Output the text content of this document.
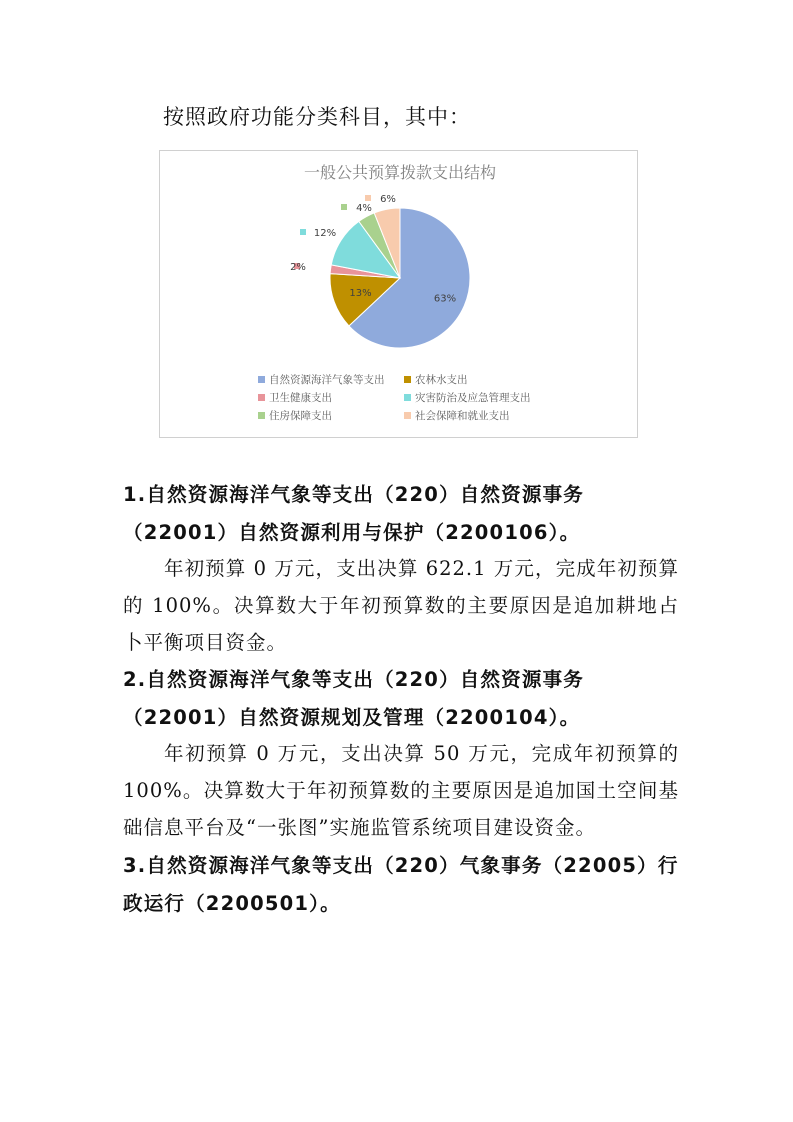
按照政府功能分类科目，其中：

一般公共预算拨款支出结构
63%
13%
2%
12%
4%
6%
自然资源海洋气象等支出	农林水支出
卫生健康支出	灾害防治及应急管理支出
住房保障支出	社会保障和就业支出

1.自然资源海洋气象等支出（220）自然资源事务（22001）自然资源利用与保护（2200106）。

年初预算 0 万元，支出决算 622.1 万元，完成年初预算的 100%。决算数大于年初预算数的主要原因是追加耕地占卜平衡项目资金。

2.自然资源海洋气象等支出（220）自然资源事务（22001）自然资源规划及管理（2200104）。

年初预算 0 万元，支出决算 50 万元，完成年初预算的 100%。决算数大于年初预算数的主要原因是追加国土空间基础信息平台及“一张图”实施监管系统项目建设资金。

3.自然资源海洋气象等支出（220）气象事务（22005）行政运行（2200501）。
